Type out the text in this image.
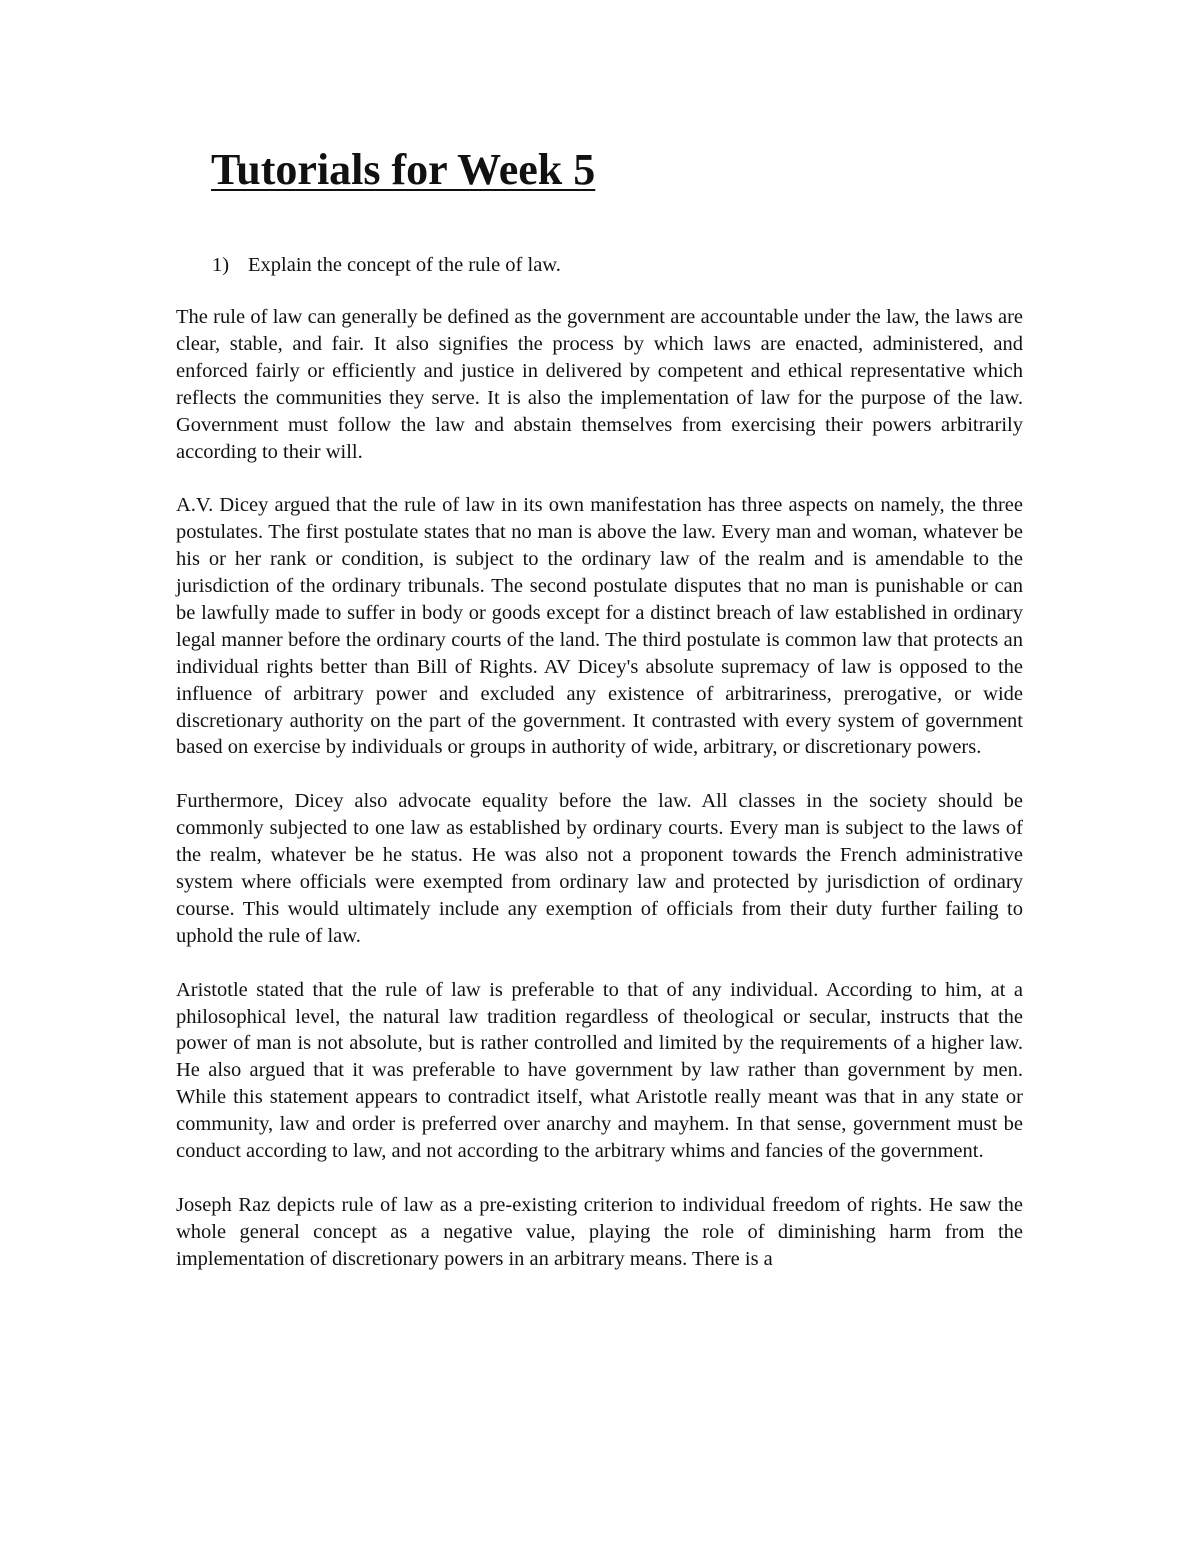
Tutorials for Week 5
1) Explain the concept of the rule of law.

The rule of law can generally be defined as the government are accountable under the law, the laws are clear, stable, and fair. It also signifies the process by which laws are enacted, administered, and enforced fairly or efficiently and justice in delivered by competent and ethical representative which reflects the communities they serve. It is also the implementation of law for the purpose of the law. Government must follow the law and abstain themselves from exercising their powers arbitrarily according to their will.

A.V. Dicey argued that the rule of law in its own manifestation has three aspects on namely, the three postulates. The first postulate states that no man is above the law. Every man and woman, whatever be his or her rank or condition, is subject to the ordinary law of the realm and is amendable to the jurisdiction of the ordinary tribunals. The second postulate disputes that no man is punishable or can be lawfully made to suffer in body or goods except for a distinct breach of law established in ordinary legal manner before the ordinary courts of the land. The third postulate is common law that protects an individual rights better than Bill of Rights. AV Dicey's absolute supremacy of law is opposed to the influence of arbitrary power and excluded any existence of arbitrariness, prerogative, or wide discretionary authority on the part of the government. It contrasted with every system of government based on exercise by individuals or groups in authority of wide, arbitrary, or discretionary powers.

Furthermore, Dicey also advocate equality before the law. All classes in the society should be commonly subjected to one law as established by ordinary courts. Every man is subject to the laws of the realm, whatever be he status. He was also not a proponent towards the French administrative system where officials were exempted from ordinary law and protected by jurisdiction of ordinary course. This would ultimately include any exemption of officials from their duty further failing to uphold the rule of law.

Aristotle stated that the rule of law is preferable to that of any individual. According to him, at a philosophical level, the natural law tradition regardless of theological or secular, instructs that the power of man is not absolute, but is rather controlled and limited by the requirements of a higher law. He also argued that it was preferable to have government by law rather than government by men. While this statement appears to contradict itself, what Aristotle really meant was that in any state or community, law and order is preferred over anarchy and mayhem. In that sense, government must be conduct according to law, and not according to the arbitrary whims and fancies of the government.

Joseph Raz depicts rule of law as a pre-existing criterion to individual freedom of rights. He saw the whole general concept as a negative value, playing the role of diminishing harm from the implementation of discretionary powers in an arbitrary means. There is a
